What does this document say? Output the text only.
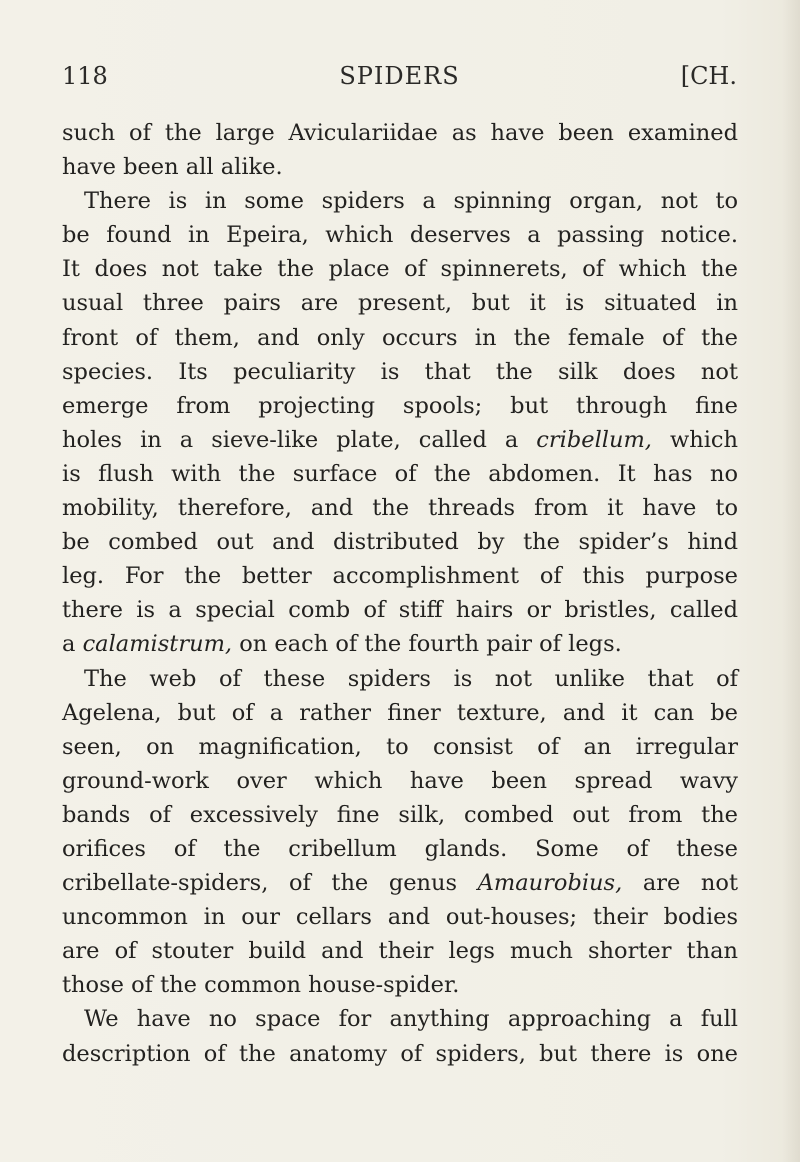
118	SPIDERS	[CH.
such of the large Aviculariidae as have been examined
have been all alike.
There is in some spiders a spinning organ, not to
be found in Epeira, which deserves a passing notice.
It does not take the place of spinnerets, of which the
usual three pairs are present, but it is situated in
front of them, and only occurs in the female of the
species. Its peculiarity is that the silk does not
emerge from projecting spools; but through fine
holes in a sieve-like plate, called a cribellum, which
is flush with the surface of the abdomen. It has no
mobility, therefore, and the threads from it have to
be combed out and distributed by the spider’s hind
leg. For the better accomplishment of this purpose
there is a special comb of stiff hairs or bristles, called
a calamistrum, on each of the fourth pair of legs.
The web of these spiders is not unlike that of
Agelena, but of a rather finer texture, and it can be
seen, on magnification, to consist of an irregular
ground-work over which have been spread wavy
bands of excessively fine silk, combed out from the
orifices of the cribellum glands. Some of these
cribellate-spiders, of the genus Amaurobius, are not
uncommon in our cellars and out-houses; their bodies
are of stouter build and their legs much shorter than
those of the common house-spider.
We have no space for anything approaching a full
description of the anatomy of spiders, but there is one
